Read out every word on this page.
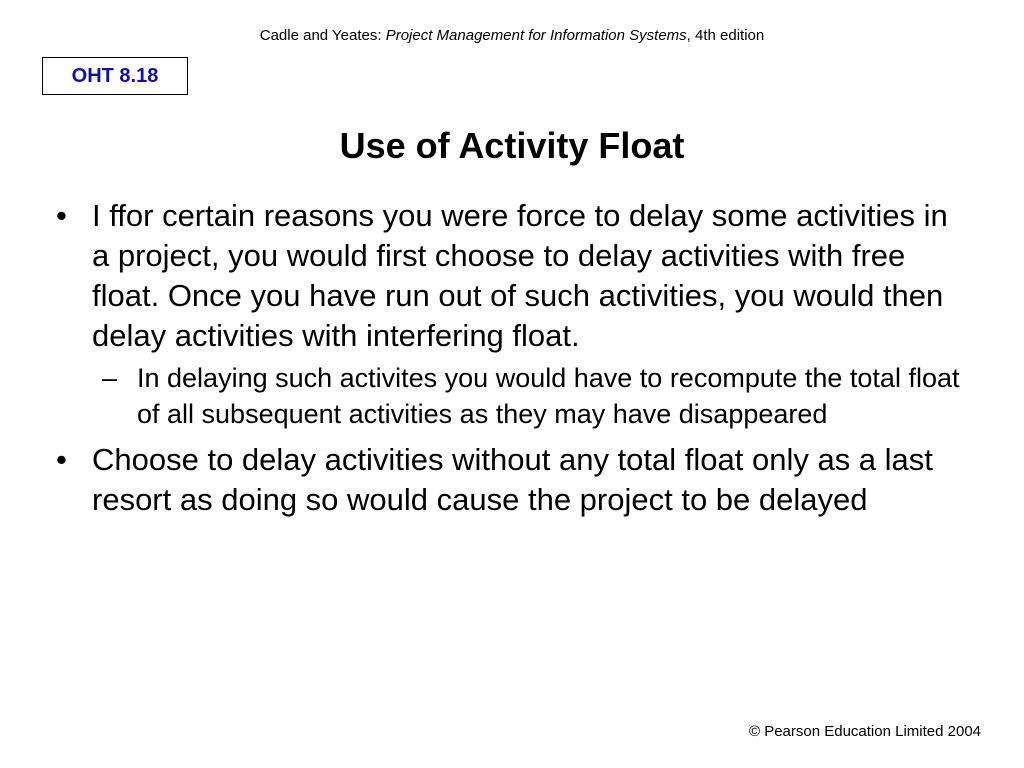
Cadle and Yeates: Project Management for Information Systems, 4th edition
OHT 8.18
Use of Activity Float
• I ffor certain reasons you were force to delay some activities in a project, you would first choose to delay activities with free float. Once you have run out of such activities, you would then delay activities with interfering float.
– In delaying such activites you would have to recompute the total float of all subsequent activities as they may have disappeared
• Choose to delay activities without any total float only as a last resort as doing so would cause the project to be delayed
© Pearson Education Limited 2004
